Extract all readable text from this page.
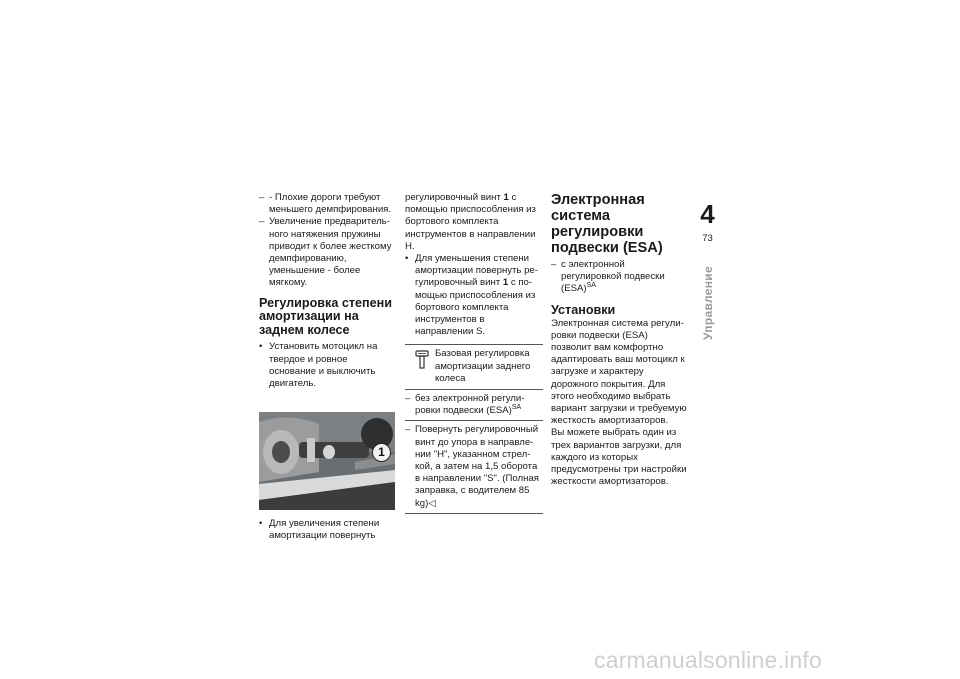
– - Плохие дороги требуют меньшего демпфирования.

– Увеличение предварительного натяжения пружины приводит к более жесткому демпфированию, уменьшение - более мягкому.

Регулировка степени амортизации на заднем колесе

• Установить мотоцикл на твердое и ровное основание и выключить двигатель.

1

• Для увеличения степени амортизации повернуть

регулировочный винт 1 с помощью приспособления из бортового комплекта инструментов в направлении H.

• Для уменьшения степени амортизации повернуть регулировочный винт 1 с помощью приспособления из бортового комплекта инструментов в направлении S.

Базовая регулировка амортизации заднего колеса

– без электронной регулировки подвески (ESA)$^{SA}$

– Повернуть регулировочный винт до упора в направлении "H", указанном стрелкой, а затем на 1,5 оборота в направлении "S". (Полная заправка, с водителем 85 kg)◁

Электронная система регулировки подвески (ESA)

– с электронной регулировкой подвески (ESA)$^{SA}$

Установки

Электронная система регулировки подвески (ESA) позволит вам комфортно адаптировать ваш мотоцикл к загрузке и характеру дорожного покрытия. Для этого необходимо выбрать вариант загрузки и требуемую жесткость амортизаторов.

Вы можете выбрать один из трех вариантов загрузки, для каждого из которых предусмотрены три настройки жесткости амортизаторов.

4
73
Управление
carmanualsonline.info
